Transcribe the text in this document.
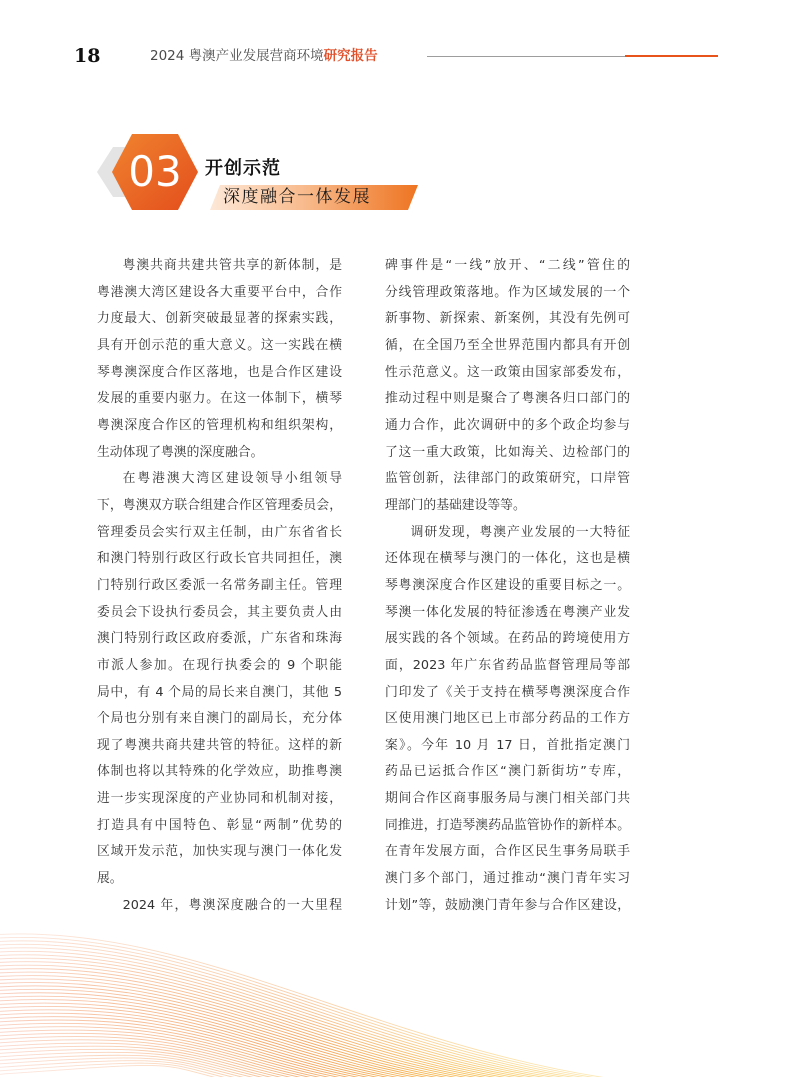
18	2024 粤澳产业发展营商环境研究报告
03	开创示范
深度融合一体发展
粤澳共商共建共管共享的新体制，是
粤港澳大湾区建设各大重要平台中，合作
力度最大、创新突破最显著的探索实践，
具有开创示范的重大意义。这一实践在横
琴粤澳深度合作区落地，也是合作区建设
发展的重要内驱力。在这一体制下，横琴
粤澳深度合作区的管理机构和组织架构，
生动体现了粤澳的深度融合。
在粤港澳大湾区建设领导小组领导
下，粤澳双方联合组建合作区管理委员会，
管理委员会实行双主任制，由广东省省长
和澳门特别行政区行政长官共同担任，澳
门特别行政区委派一名常务副主任。管理
委员会下设执行委员会，其主要负责人由
澳门特别行政区政府委派，广东省和珠海
市派人参加。在现行执委会的 9 个职能
局中，有 4 个局的局长来自澳门，其他 5
个局也分别有来自澳门的副局长，充分体
现了粤澳共商共建共管的特征。这样的新
体制也将以其特殊的化学效应，助推粤澳
进一步实现深度的产业协同和机制对接，
打造具有中国特色、彰显“两制”优势的
区域开发示范，加快实现与澳门一体化发
展。
2024 年，粤澳深度融合的一大里程
碑事件是“一线”放开、“二线”管住的
分线管理政策落地。作为区域发展的一个
新事物、新探索、新案例，其没有先例可
循，在全国乃至全世界范围内都具有开创
性示范意义。这一政策由国家部委发布，
推动过程中则是聚合了粤澳各归口部门的
通力合作，此次调研中的多个政企均参与
了这一重大政策，比如海关、边检部门的
监管创新，法律部门的政策研究，口岸管
理部门的基础建设等等。
调研发现，粤澳产业发展的一大特征
还体现在横琴与澳门的一体化，这也是横
琴粤澳深度合作区建设的重要目标之一。
琴澳一体化发展的特征渗透在粤澳产业发
展实践的各个领域。在药品的跨境使用方
面，2023 年广东省药品监督管理局等部
门印发了《关于支持在横琴粤澳深度合作
区使用澳门地区已上市部分药品的工作方
案》。今年 10 月 17 日，首批指定澳门
药品已运抵合作区“澳门新街坊”专库，
期间合作区商事服务局与澳门相关部门共
同推进，打造琴澳药品监管协作的新样本。
在青年发展方面，合作区民生事务局联手
澳门多个部门，通过推动“澳门青年实习
计划”等，鼓励澳门青年参与合作区建设，
